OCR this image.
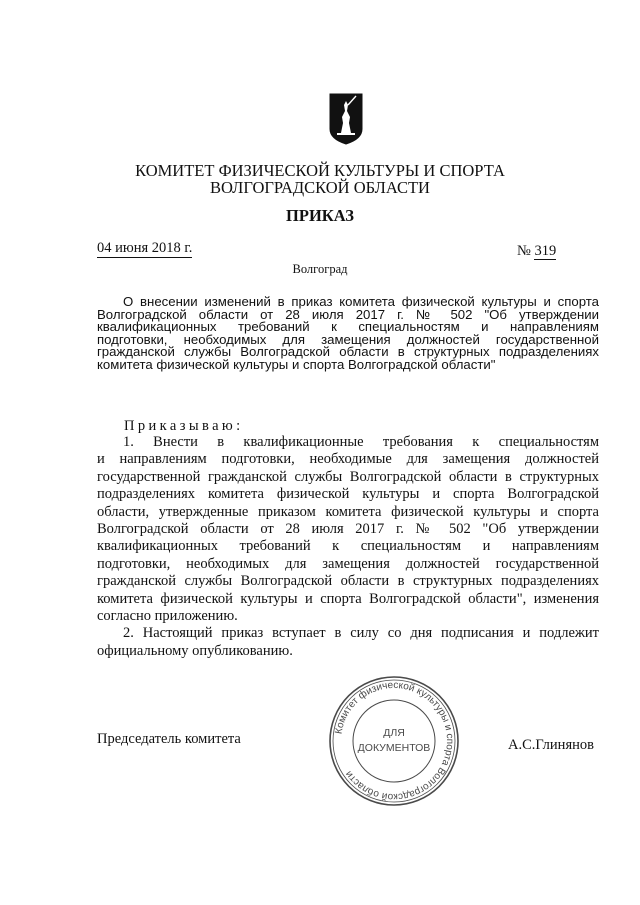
КОМИТЕТ ФИЗИЧЕСКОЙ КУЛЬТУРЫ И СПОРТА
ВОЛГОГРАДСКОЙ ОБЛАСТИ
ПРИКАЗ
04 июня 2018 г.	№ 319
Волгоград
О внесении изменений в приказ комитета физической культуры и спорта
Волгоградской области от 28 июля 2017 г. № 502 "Об утверждении
квалификационных требований к специальностям и направлениям
подготовки, необходимых для замещения должностей государственной
гражданской службы Волгоградской области в структурных подразделениях
комитета физической культуры и спорта Волгоградской области"
Приказываю:
1. Внести в квалификационные требования к специальностям
и направлениям подготовки, необходимые для замещения должностей
государственной гражданской службы Волгоградской области в структурных
подразделениях комитета физической культуры и спорта Волгоградской
области, утвержденные приказом комитета физической культуры и спорта
Волгоградской области от 28 июля 2017 г. № 502 "Об утверждении
квалификационных требований к специальностям и направлениям
подготовки, необходимых для замещения должностей государственной
гражданской службы Волгоградской области в структурных подразделениях
комитета физической культуры и спорта Волгоградской области", изменения
согласно приложению.
2. Настоящий приказ вступает в силу со дня подписания и подлежит
официальному опубликованию.
Председатель комитета	А.С.Глинянов
Комитет физической культуры и спорта Волгоградской области
ДЛЯ
ДОКУМЕНТОВ
